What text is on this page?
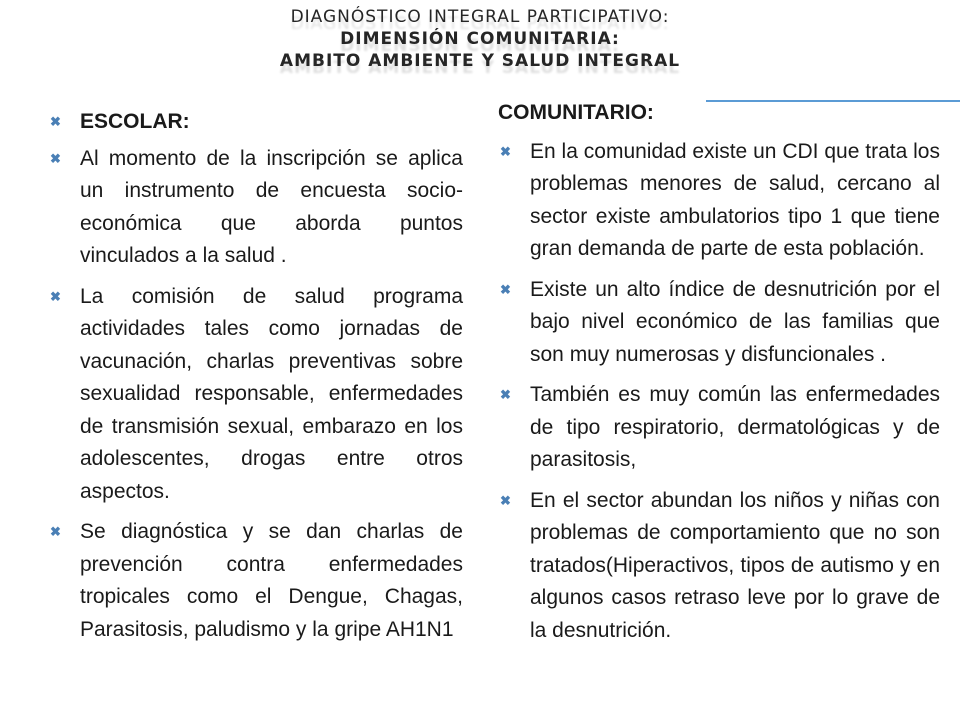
DIAGNÓSTICO INTEGRAL PARTICIPATIVO:
DIMENSIÓN COMUNITARIA:
AMBITO AMBIENTE Y SALUD INTEGRAL
✖ ESCOLAR:
✖ Al momento de la inscripción se aplica un instrumento de encuesta socio-económica que aborda puntos vinculados a la salud .
✖ La comisión de salud programa actividades tales como jornadas de vacunación, charlas preventivas sobre sexualidad responsable, enfermedades de transmisión sexual, embarazo en los adolescentes, drogas entre otros aspectos.
✖ Se diagnóstica y se dan charlas de prevención contra enfermedades tropicales como el Dengue, Chagas, Parasitosis, paludismo y la gripe AH1N1
COMUNITARIO:
✖ En la comunidad existe un CDI que trata los problemas menores de salud, cercano al sector existe ambulatorios tipo 1 que tiene gran demanda de parte de esta población.
✖ Existe un alto índice de desnutrición por el bajo nivel económico de las familias que son muy numerosas y disfuncionales .
✖ También es muy común las enfermedades de tipo respiratorio, dermatológicas y de parasitosis,
✖ En el sector abundan los niños y niñas con problemas de comportamiento que no son tratados(Hiperactivos, tipos de autismo y en algunos casos retraso leve por lo grave de la desnutrición.
